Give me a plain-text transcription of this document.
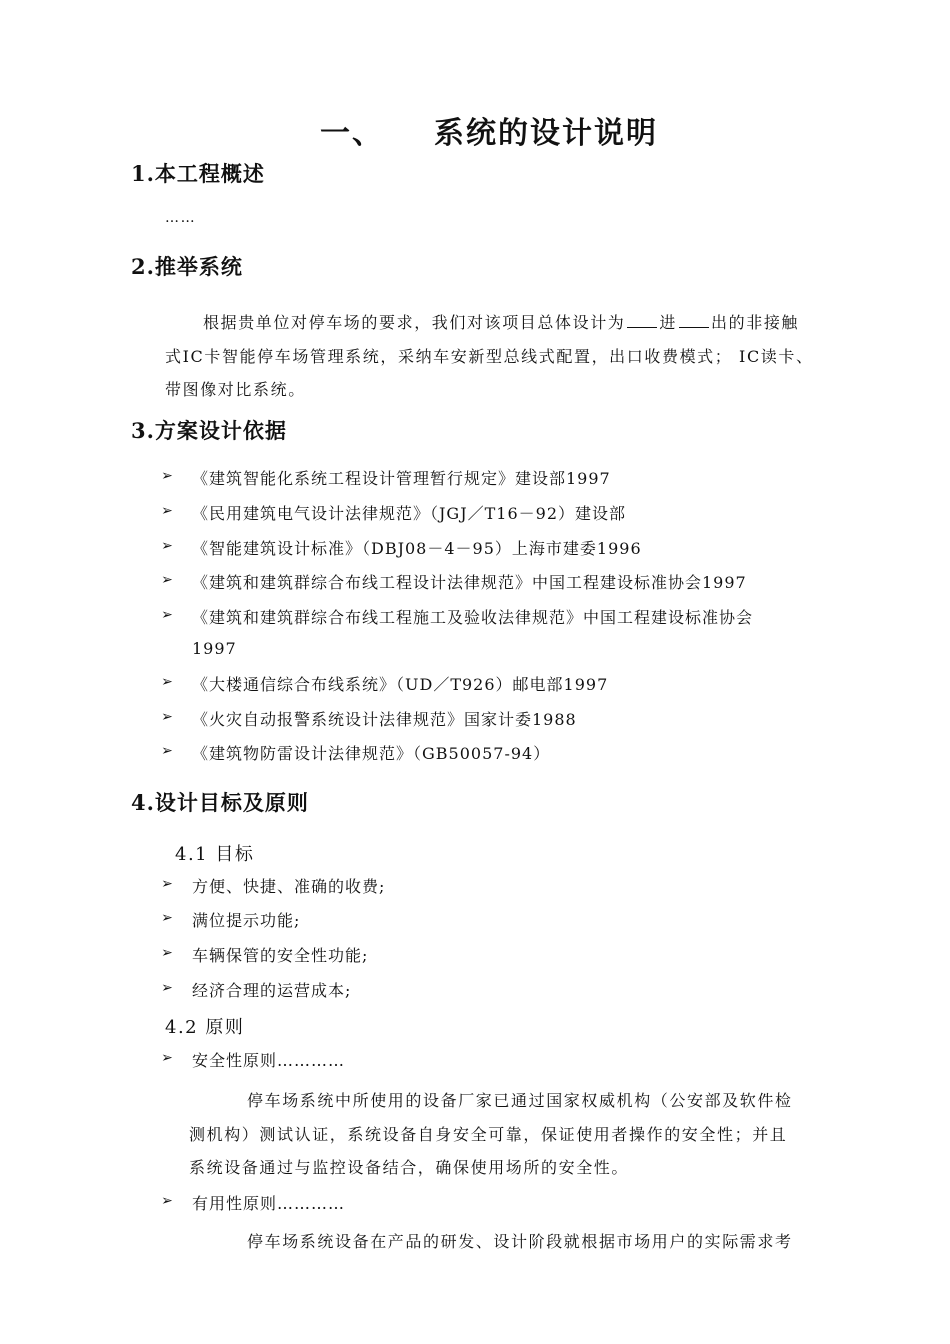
一、 系统的设计说明
1.本工程概述
……
2.推举系统
根据贵单位对停车场的要求，我们对该项目总体设计为 进 出的非接触
式IC卡智能停车场管理系统，采纳车安新型总线式配置，出口收费模式； IC读卡、
带图像对比系统。
3.方案设计依据
➢ 《建筑智能化系统工程设计管理暂行规定》建设部1997
➢ 《民用建筑电气设计法律规范》（JGJ／T16－92）建设部
➢ 《智能建筑设计标准》（DBJ08－4－95）上海市建委1996
➢ 《建筑和建筑群综合布线工程设计法律规范》中国工程建设标准协会1997
➢ 《建筑和建筑群综合布线工程施工及验收法律规范》中国工程建设标准协会
1997
➢ 《大楼通信综合布线系统》（UD／T926）邮电部1997
➢ 《火灾自动报警系统设计法律规范》国家计委1988
➢ 《建筑物防雷设计法律规范》（GB50057-94）
4.设计目标及原则
4.1 目标
➢ 方便、快捷、准确的收费;
➢ 满位提示功能;
➢ 车辆保管的安全性功能;
➢ 经济合理的运营成本;
4.2 原则
➢ 安全性原则…………
停车场系统中所使用的设备厂家已通过国家权威机构（公安部及软件检
测机构）测试认证，系统设备自身安全可靠，保证使用者操作的安全性；并且
系统设备通过与监控设备结合，确保使用场所的安全性。
➢ 有用性原则…………
停车场系统设备在产品的研发、设计阶段就根据市场用户的实际需求考
